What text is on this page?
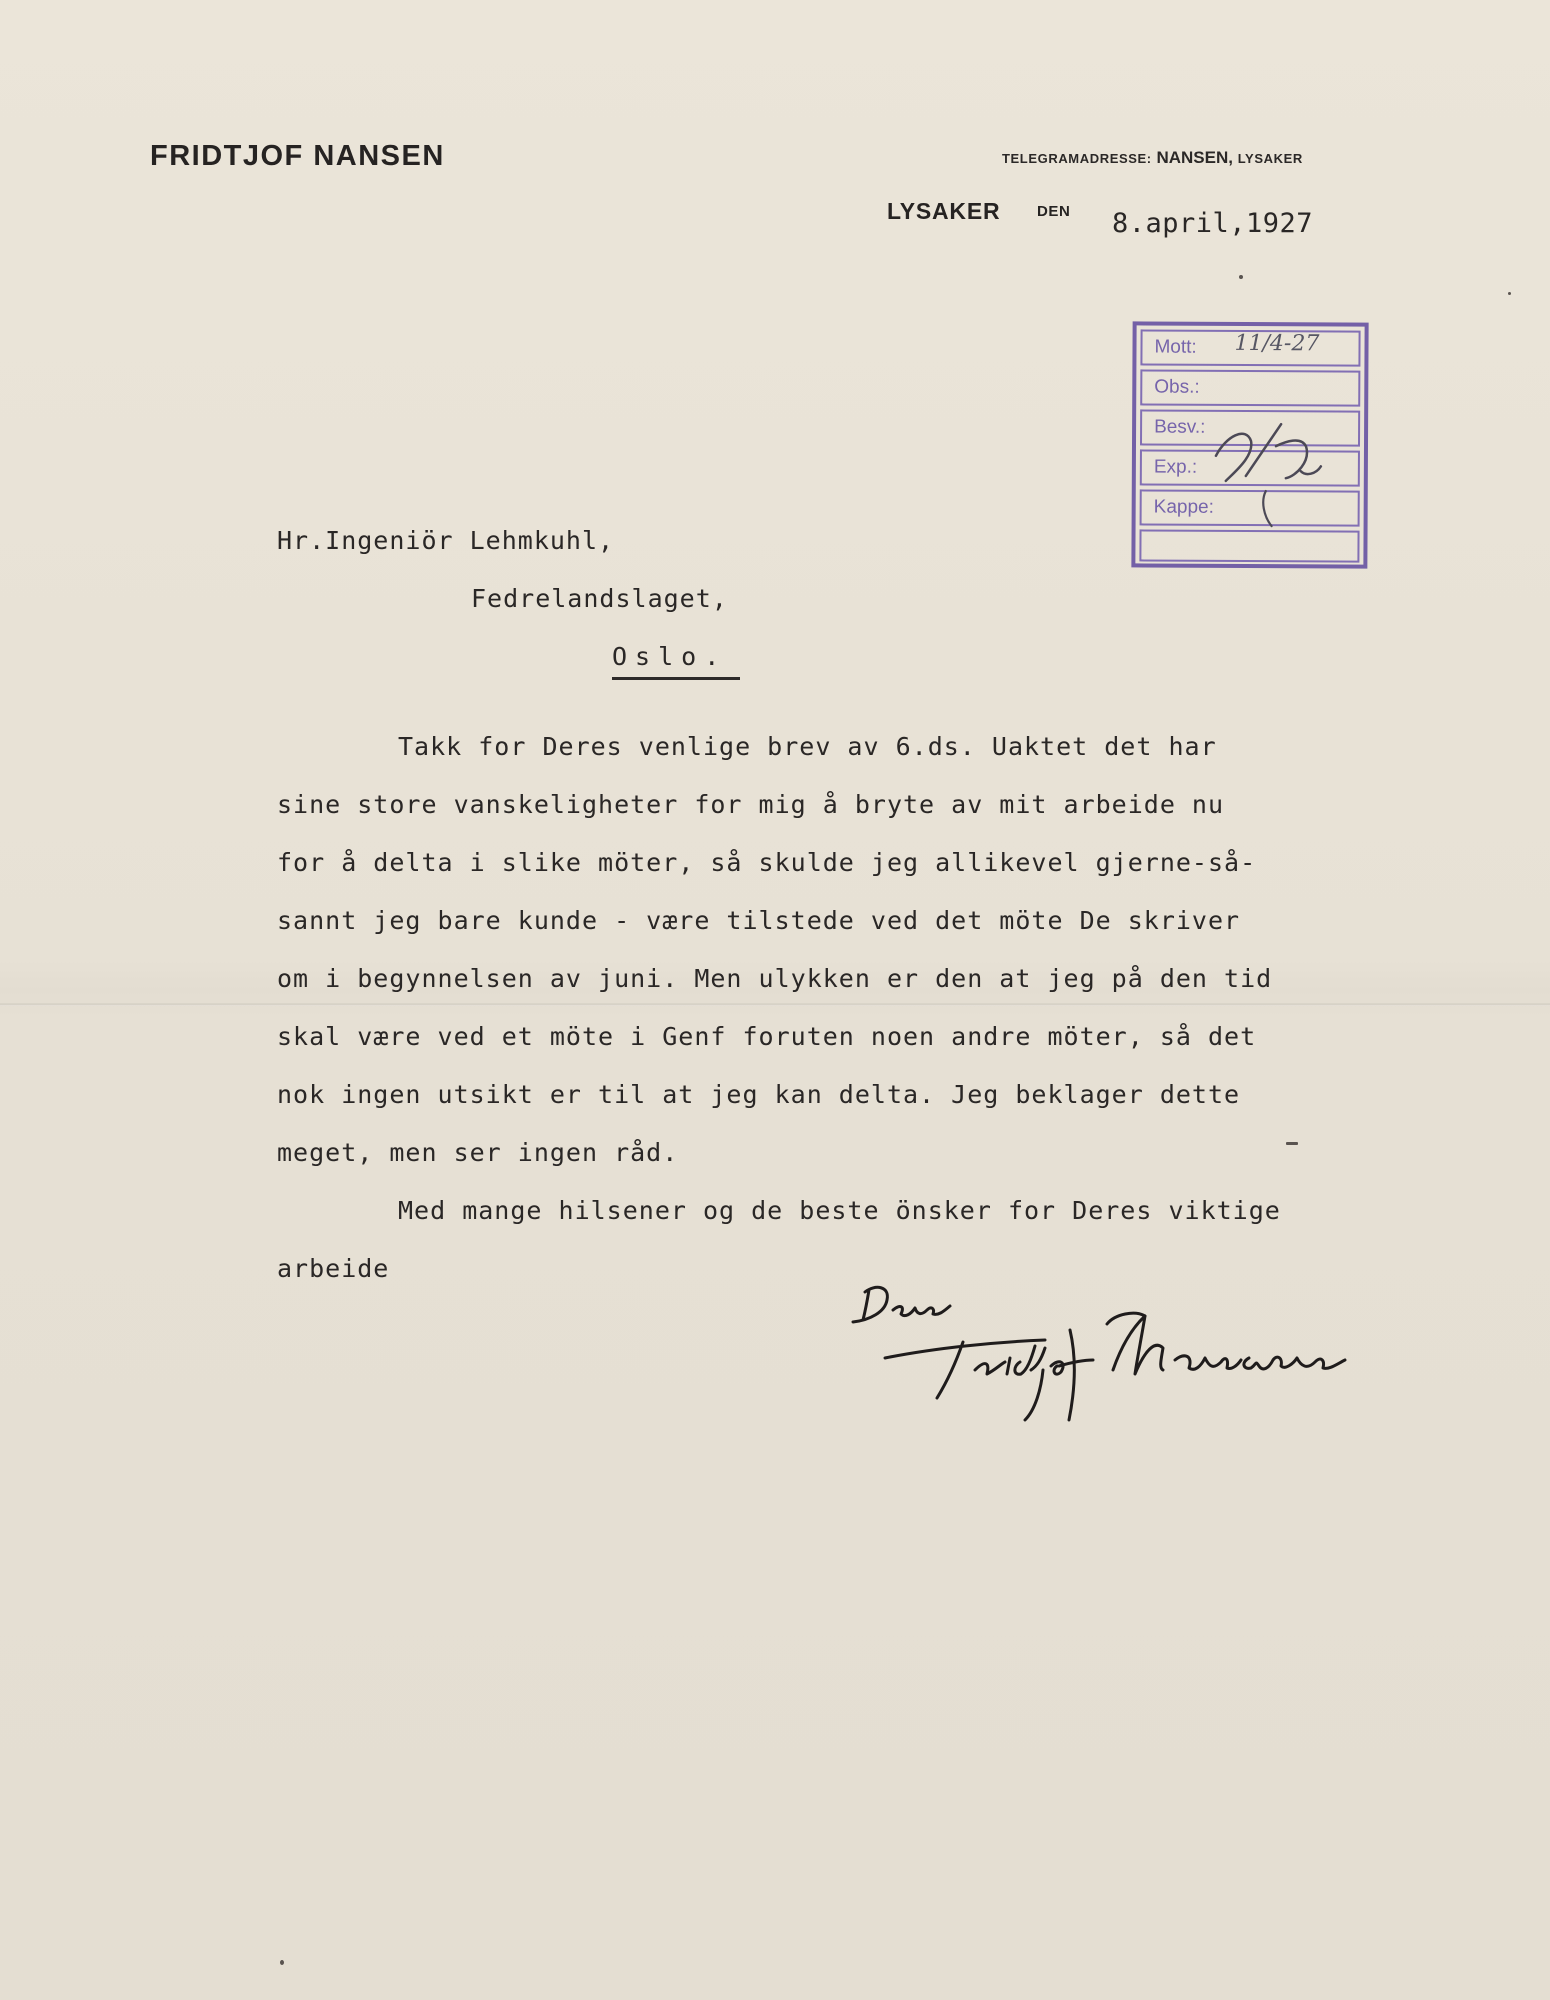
FRIDTJOF NANSEN	TELEGRAMADRESSE: NANSEN, LYSAKER
LYSAKER DEN 8.april,1927
Mott: 11/4-27
Obs.:
Besv.:
Exp.:
Kappe:
Hr.Ingeniör Lehmkuhl,
Fedrelandslaget,
Oslo.
Takk for Deres venlige brev av 6.ds. Uaktet det har
sine store vanskeligheter for mig å bryte av mit arbeide nu
for å delta i slike möter, så skulde jeg allikevel gjerne-så-
sannt jeg bare kunde - være tilstede ved det möte De skriver
om i begynnelsen av juni. Men ulykken er den at jeg på den tid
skal være ved et möte i Genf foruten noen andre möter, så det
nok ingen utsikt er til at jeg kan delta. Jeg beklager dette
meget, men ser ingen råd.
Med mange hilsener og de beste önsker for Deres viktige
arbeide
